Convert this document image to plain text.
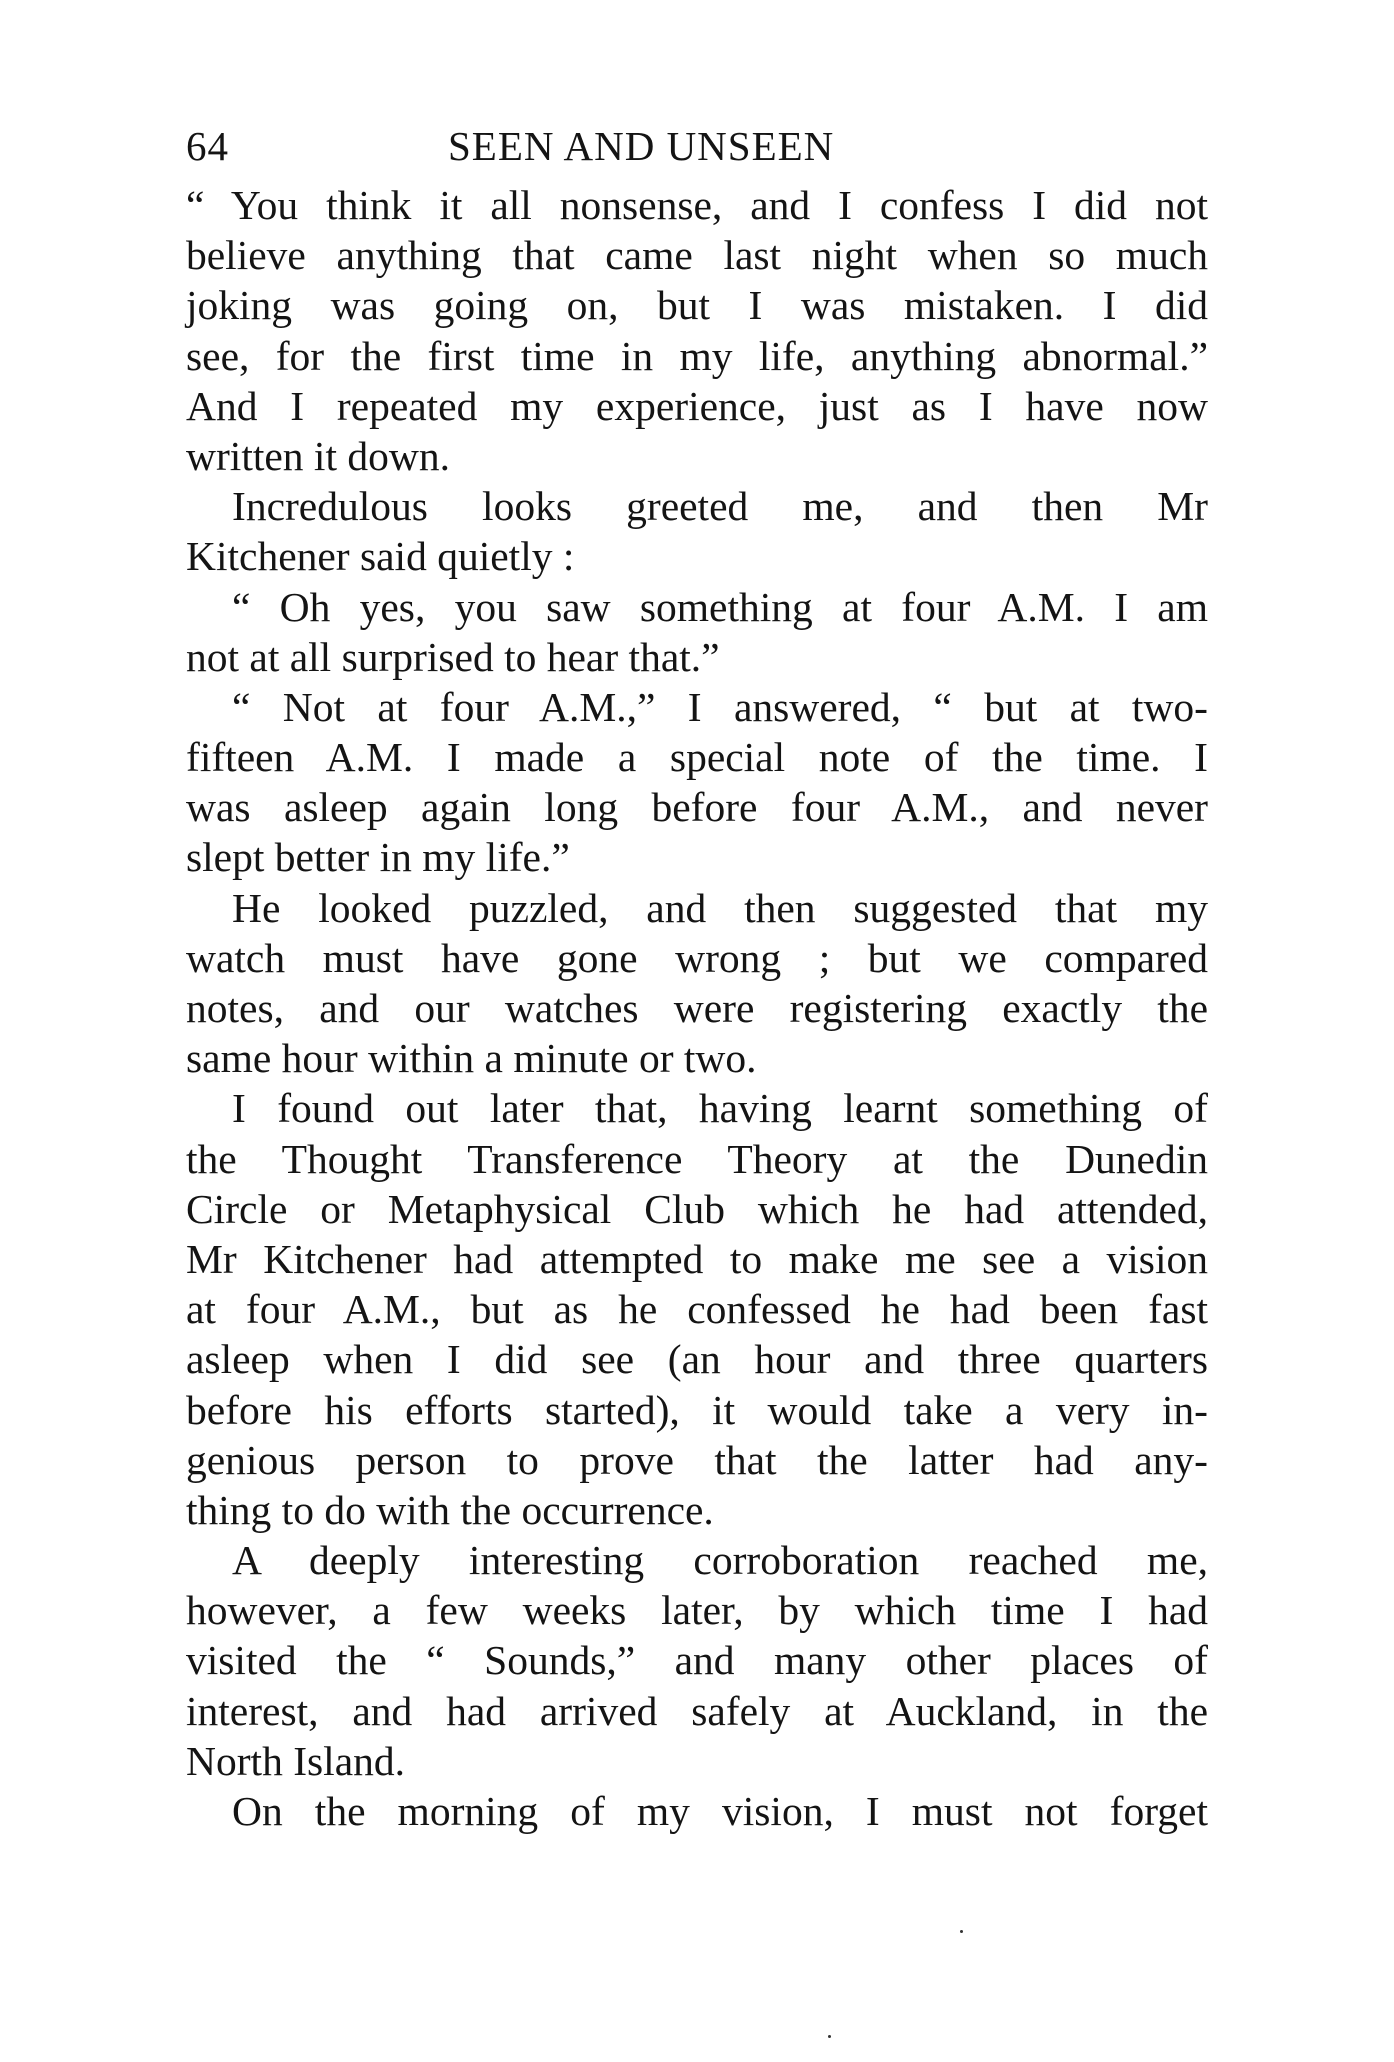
64	SEEN AND UNSEEN
“ You think it all nonsense, and I confess I did not
believe anything that came last night when so much
joking was going on, but I was mistaken. I did
see, for the first time in my life, anything abnormal.”
And I repeated my experience, just as I have now
written it down.
Incredulous looks greeted me, and then Mr
Kitchener said quietly :
“ Oh yes, you saw something at four A.M. I am
not at all surprised to hear that.”
“ Not at four A.M.,” I answered, “ but at two-
fifteen A.M. I made a special note of the time. I
was asleep again long before four A.M., and never
slept better in my life.”
He looked puzzled, and then suggested that my
watch must have gone wrong ; but we compared
notes, and our watches were registering exactly the
same hour within a minute or two.
I found out later that, having learnt something of
the Thought Transference Theory at the Dunedin
Circle or Metaphysical Club which he had attended,
Mr Kitchener had attempted to make me see a vision
at four A.M., but as he confessed he had been fast
asleep when I did see (an hour and three quarters
before his efforts started), it would take a very in-
genious person to prove that the latter had any-
thing to do with the occurrence.
A deeply interesting corroboration reached me,
however, a few weeks later, by which time I had
visited the “ Sounds,” and many other places of
interest, and had arrived safely at Auckland, in the
North Island.
On the morning of my vision, I must not forget
